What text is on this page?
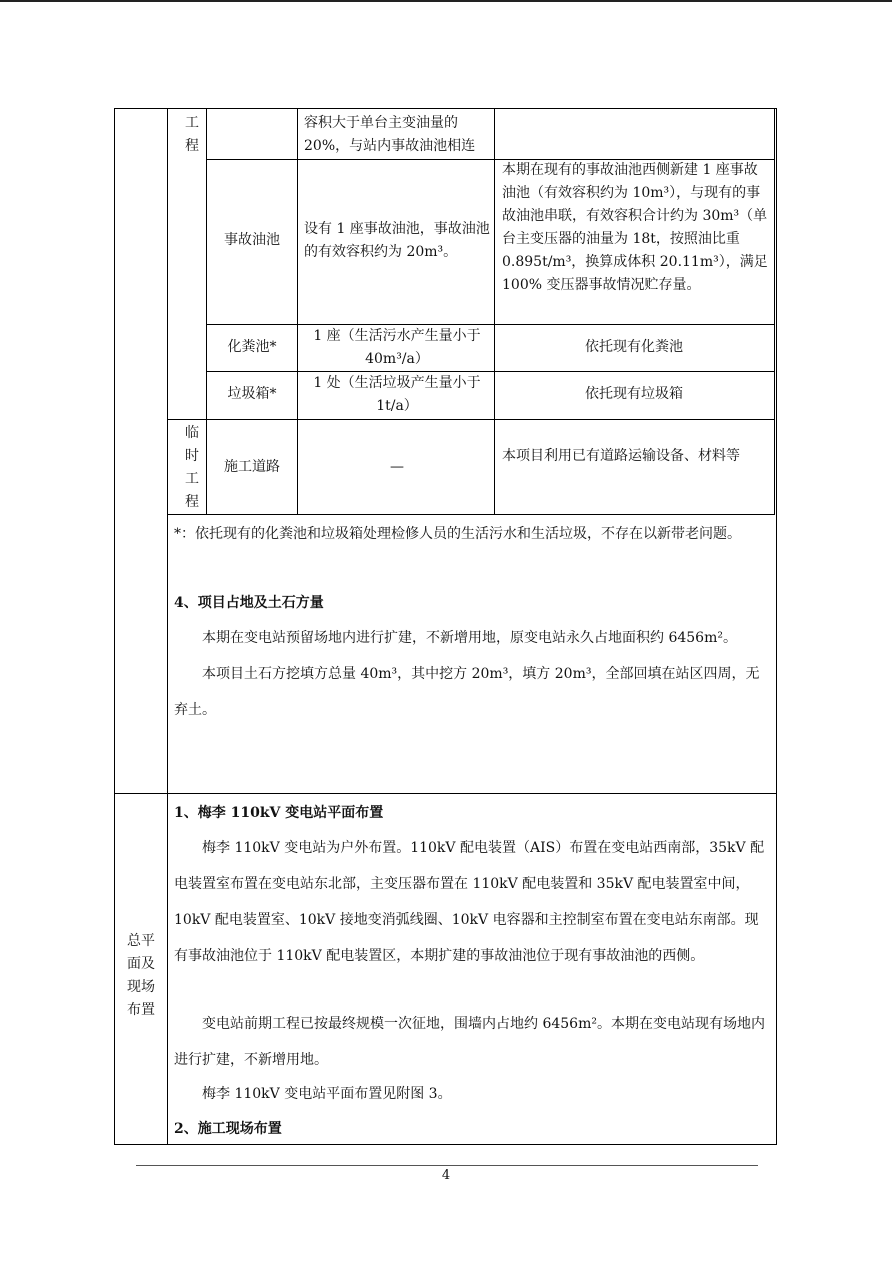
工
程
容积大于单台主变油量的20%，与站内事故油池相连
事故油池
设有 1 座事故油池，事故油池的有效容积约为 20m³。
本期在现有的事故油池西侧新建 1 座事故油池（有效容积约为 10m³），与现有的事故油池串联，有效容积合计约为 30m³（单台主变压器的油量为 18t，按照油比重 0.895t/m³，换算成体积 20.11m³），满足 100% 变压器事故情况贮存量。
化粪池*
1 座（生活污水产生量小于 40m³/a）
依托现有化粪池
垃圾箱*
1 处（生活垃圾产生量小于 1t/a）
依托现有垃圾箱
临
时
工
程
施工道路	—
本项目利用已有道路运输设备、材料等
*：依托现有的化粪池和垃圾箱处理检修人员的生活污水和生活垃圾，不存在以新带老问题。
4、项目占地及土石方量
本期在变电站预留场地内进行扩建，不新增用地，原变电站永久占地面积约 6456m²。
本项目土石方挖填方总量 40m³，其中挖方 20m³，填方 20m³，全部回填在站区四周，无弃土。
总平
面及
现场
布置
1、梅李 110kV 变电站平面布置
梅李 110kV 变电站为户外布置。110kV 配电装置（AIS）布置在变电站西南部，35kV 配电装置室布置在变电站东北部，主变压器布置在 110kV 配电装置和 35kV 配电装置室中间，10kV 配电装置室、10kV 接地变消弧线圈、10kV 电容器和主控制室布置在变电站东南部。现有事故油池位于 110kV 配电装置区，本期扩建的事故油池位于现有事故油池的西侧。
变电站前期工程已按最终规模一次征地，围墙内占地约 6456m²。本期在变电站现有场地内进行扩建，不新增用地。
梅李 110kV 变电站平面布置见附图 3。
2、施工现场布置
4
